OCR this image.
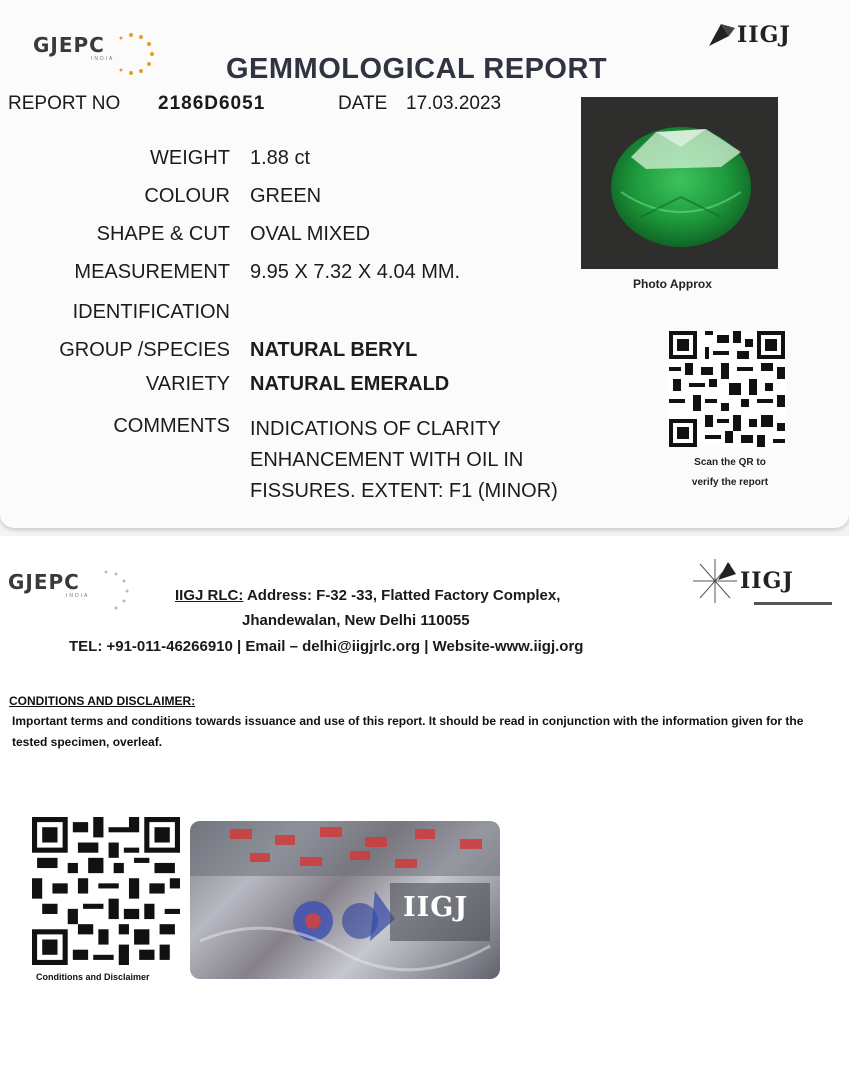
GJEPC
INDIA
IIGJ
GEMMOLOGICAL REPORT
REPORT NO 2186D6051	DATE 17.03.2023
WEIGHT 1.88 ct
COLOUR GREEN
SHAPE & CUT OVAL MIXED
MEASUREMENT 9.95 X 7.32 X 4.04 MM.
IDENTIFICATION
GROUP /SPECIES NATURAL BERYL
VARIETY NATURAL EMERALD
COMMENTS INDICATIONS OF CLARITY
ENHANCEMENT WITH OIL IN
FISSURES. EXTENT: F1 (MINOR)
Photo Approx
Scan the QR to
verify the report
GJEPC
INDIA
IIGJ
IIGJ RLC: Address: F-32 -33, Flatted Factory Complex,
Jhandewalan, New Delhi 110055
TEL: +91-011-46266910 | Email – delhi@iigjrlc.org | Website-www.iigj.org
CONDITIONS AND DISCLAIMER:
Important terms and conditions towards issuance and use of this report. It should be read in conjunction with the information given for the tested specimen, overleaf.
Conditions and Disclaimer
IIGJ
